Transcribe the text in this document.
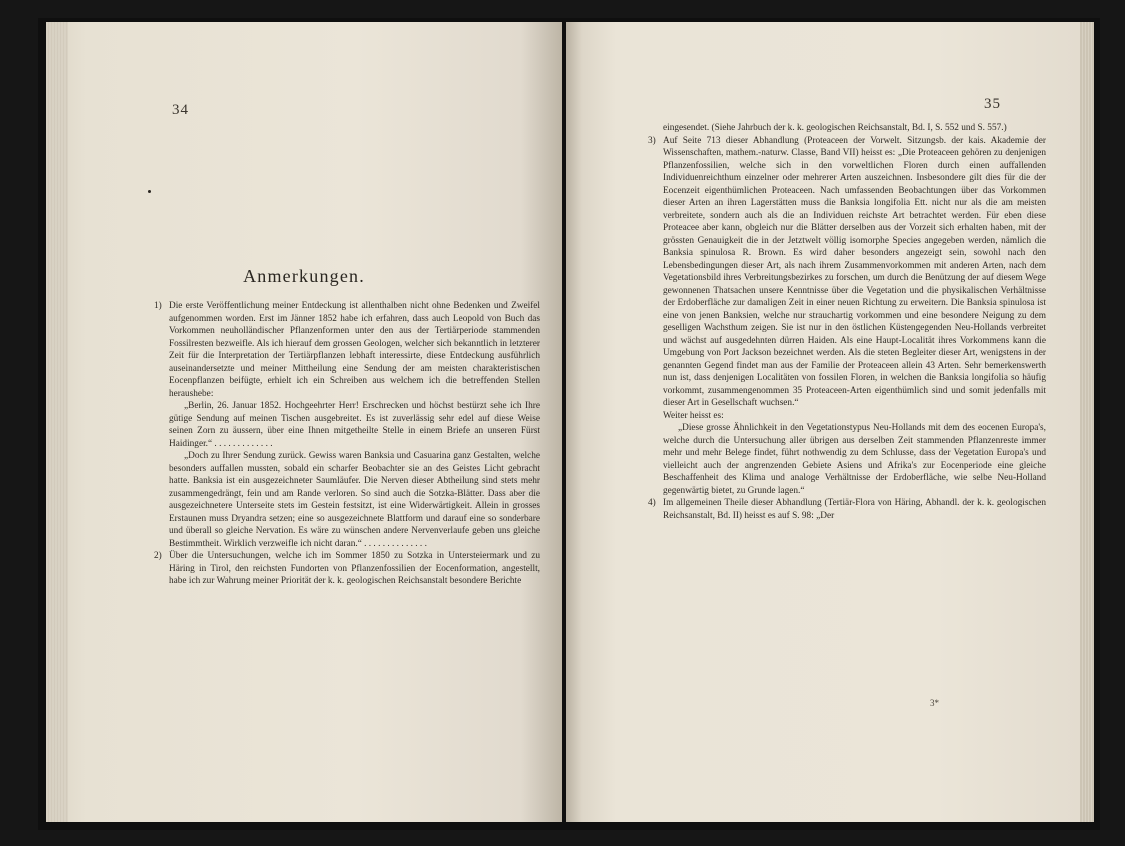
34
Anmerkungen.

1) Die erste Veröffentlichung meiner Entdeckung ist allenthalben nicht ohne Bedenken und Zweifel aufgenommen worden. Erst im Jänner 1852 habe ich erfahren, dass auch Leopold von Buch das Vorkommen neuholländischer Pflanzenformen unter den aus der Tertiärperiode stammenden Fossilresten bezweifle. Als ich hierauf dem grossen Geologen, welcher sich bekanntlich in letzterer Zeit für die Interpretation der Tertiärpflanzen lebhaft interessirte, diese Entdeckung ausführlich auseinandersetzte und meiner Mittheilung eine Sendung der am meisten charakteristischen Eocenpflanzen beifügte, erhielt ich ein Schreiben aus welchem ich die betreffenden Stellen heraushebe:

„Berlin, 26. Januar 1852. Hochgeehrter Herr! Erschrecken und höchst bestürzt sehe ich Ihre gütige Sendung auf meinen Tischen ausgebreitet. Es ist zuverlässig sehr edel auf diese Weise seinen Zorn zu äussern, über eine Ihnen mitgetheilte Stelle in einem Briefe an unseren Fürst Haidinger.“ . . . . . . . . . . . . .

„Doch zu Ihrer Sendung zurück. Gewiss waren Banksia und Casuarina ganz Gestalten, welche besonders auffallen mussten, sobald ein scharfer Beobachter sie an des Geistes Licht gebracht hatte. Banksia ist ein ausgezeichneter Saumläufer. Die Nerven dieser Abtheilung sind stets mehr zusammengedrängt, fein und am Rande verloren. So sind auch die Sotzka-Blätter. Dass aber die ausgezeichnetere Unterseite stets im Gestein festsitzt, ist eine Widerwärtigkeit. Allein in grosses Erstaunen muss Dryandra setzen; eine so ausgezeichnete Blattform und darauf eine so sonderbare und überall so gleiche Nervation. Es wäre zu wünschen andere Nervenverlaufe geben uns gleiche Bestimmtheit. Wirklich verzweifle ich nicht daran.“ . . . . . . . . . . . . . .

2) Über die Untersuchungen, welche ich im Sommer 1850 zu Sotzka in Untersteiermark und zu Häring in Tirol, den reichsten Fundorten von Pflanzenfossilien der Eocenformation, angestellt, habe ich zur Wahrung meiner Priorität der k. k. geologischen Reichsanstalt besondere Berichte

35

eingesendet. (Siehe Jahrbuch der k. k. geologischen Reichsanstalt, Bd. I, S. 552 und S. 557.)

3) Auf Seite 713 dieser Abhandlung (Proteaceen der Vorwelt. Sitzungsb. der kais. Akademie der Wissenschaften, mathem.-naturw. Classe, Band VII) heisst es: „Die Proteaceen gehören zu denjenigen Pflanzenfossilien, welche sich in den vorweltlichen Floren durch einen auffallenden Individuenreichthum einzelner oder mehrerer Arten auszeichnen. Insbesondere gilt dies für die der Eocenzeit eigenthümlichen Proteaceen. Nach umfassenden Beobachtungen über das Vorkommen dieser Arten an ihren Lagerstätten muss die Banksia longifolia Ett. nicht nur als die am meisten verbreitete, sondern auch als die an Individuen reichste Art betrachtet werden. Für eben diese Proteacee aber kann, obgleich nur die Blätter derselben aus der Vorzeit sich erhalten haben, mit der grössten Genauigkeit die in der Jetztwelt völlig isomorphe Species angegeben werden, nämlich die Banksia spinulosa R. Brown. Es wird daher besonders angezeigt sein, sowohl nach den Lebensbedingungen dieser Art, als nach ihrem Zusammenvorkommen mit anderen Arten, nach dem Vegetationsbild ihres Verbreitungsbezirkes zu forschen, um durch die Benützung der auf diesem Wege gewonnenen Thatsachen unsere Kenntnisse über die Vegetation und die physikalischen Verhältnisse der Erdoberfläche zur damaligen Zeit in einer neuen Richtung zu erweitern. Die Banksia spinulosa ist eine von jenen Banksien, welche nur strauchartig vorkommen und eine besondere Neigung zu dem geselligen Wachsthum zeigen. Sie ist nur in den östlichen Küstengegenden Neu-Hollands verbreitet und wächst auf ausgedehnten dürren Haiden. Als eine Haupt-Localität ihres Vorkommens kann die Umgebung von Port Jackson bezeichnet werden. Als die steten Begleiter dieser Art, wenigstens in der genannten Gegend findet man aus der Familie der Proteaceen allein 43 Arten. Sehr bemerkenswerth nun ist, dass denjenigen Localitäten von fossilen Floren, in welchen die Banksia longifolia so häufig vorkommt, zusammengenommen 35 Proteaceen-Arten eigenthümlich sind und somit jedenfalls mit dieser Art in Gesellschaft wuchsen.“

Weiter heisst es:

„Diese grosse Ähnlichkeit in den Vegetationstypus Neu-Hollands mit dem des eocenen Europa's, welche durch die Untersuchung aller übrigen aus derselben Zeit stammenden Pflanzenreste immer mehr und mehr Belege findet, führt nothwendig zu dem Schlusse, dass der Vegetation Europa's und vielleicht auch der angrenzenden Gebiete Asiens und Afrika's zur Eocenperiode eine gleiche Beschaffenheit des Klima und analoge Verhältnisse der Erdoberfläche, wie selbe Neu-Holland gegenwärtig bietet, zu Grunde lagen.“

4) Im allgemeinen Theile dieser Abhandlung (Tertiär-Flora von Häring, Abhandl. der k. k. geologischen Reichsanstalt, Bd. II) heisst es auf S. 98: „Der

3*
